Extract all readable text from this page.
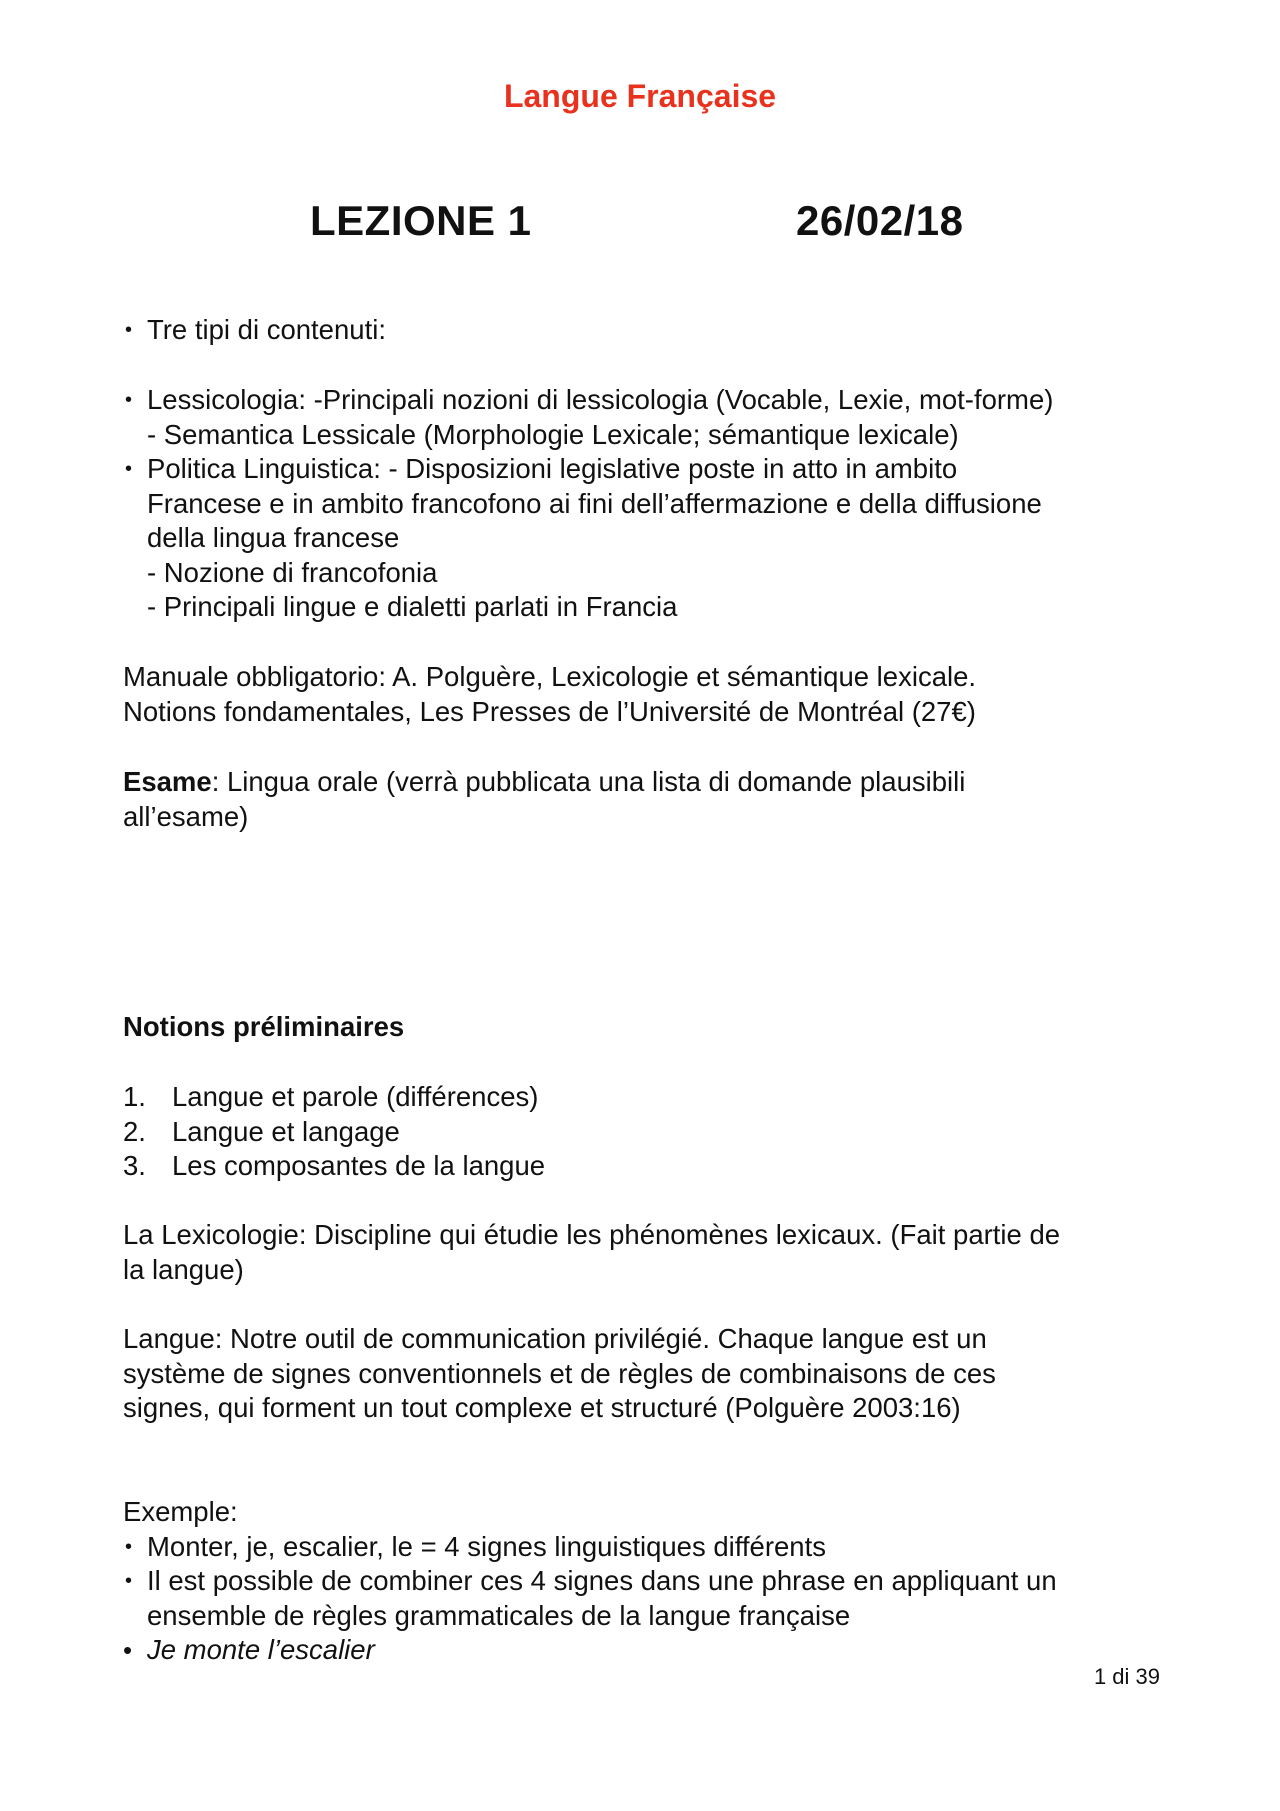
Langue Française
LEZIONE 1	26/02/18
• Tre tipi di contenuti:
• Lessicologia: -Principali nozioni di lessicologia (Vocable, Lexie, mot-forme)
- Semantica Lessicale (Morphologie Lexicale; sémantique lexicale)
• Politica Linguistica: - Disposizioni legislative poste in atto in ambito
Francese e in ambito francofono ai fini dell’affermazione e della diffusione
della lingua francese
- Nozione di francofonia
- Principali lingue e dialetti parlati in Francia
Manuale obbligatorio: A. Polguère, Lexicologie et sémantique lexicale.
Notions fondamentales, Les Presses de l’Université de Montréal (27€)
Esame: Lingua orale (verrà pubblicata una lista di domande plausibili
all’esame)
Notions préliminaires
1. Langue et parole (différences)
2. Langue et langage
3. Les composantes de la langue
La Lexicologie: Discipline qui étudie les phénomènes lexicaux. (Fait partie de
la langue)
Langue: Notre outil de communication privilégié. Chaque langue est un
système de signes conventionnels et de règles de combinaisons de ces
signes, qui forment un tout complexe et structuré (Polguère 2003:16)
Exemple:
• Monter, je, escalier, le = 4 signes linguistiques différents
• Il est possible de combiner ces 4 signes dans une phrase en appliquant un
ensemble de règles grammaticales de la langue française
• Je monte l’escalier
1 di 39
